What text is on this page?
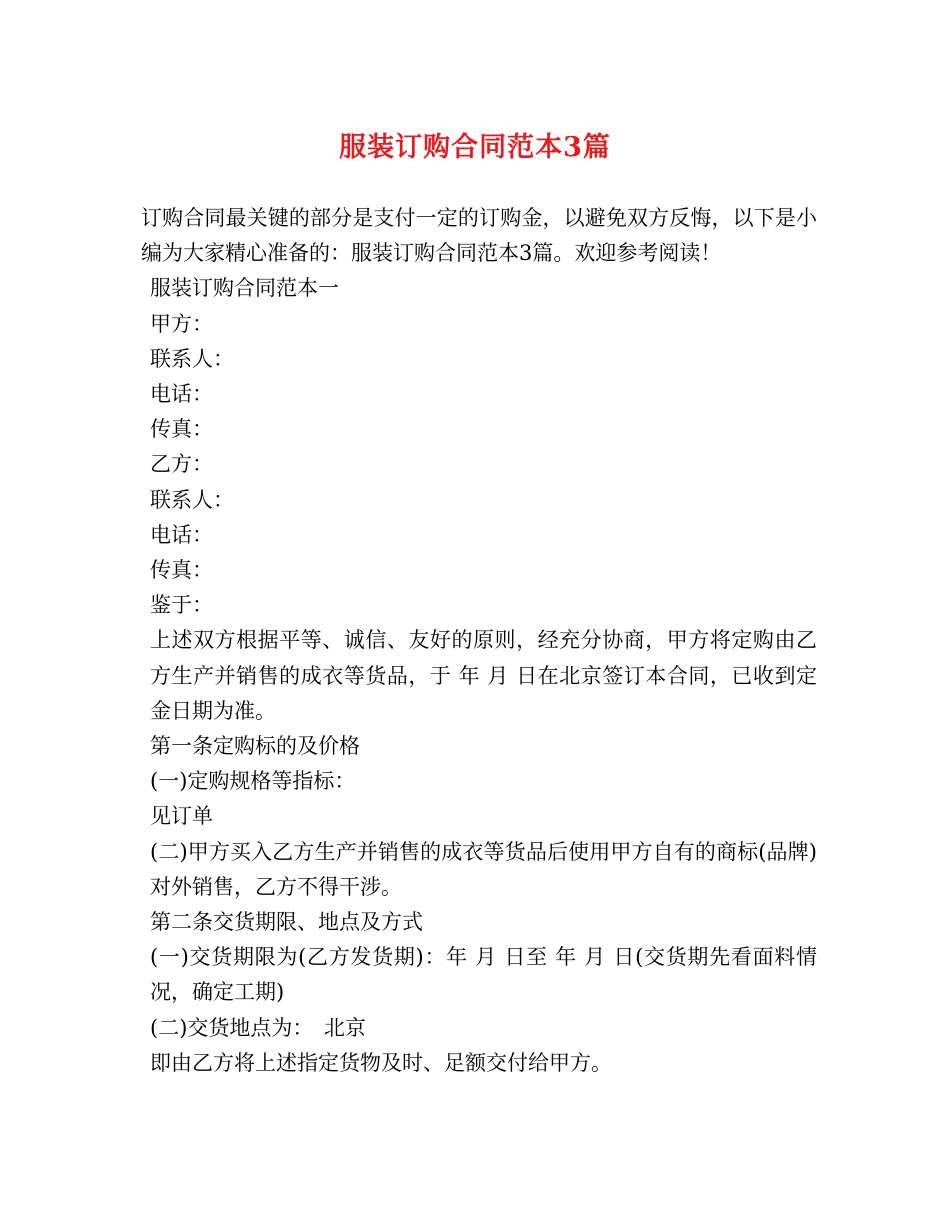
服装订购合同范本3篇

订购合同最关键的部分是支付一定的订购金，以避免双方反悔，以下是小编为大家精心准备的：服装订购合同范本3篇。欢迎参考阅读！

服装订购合同范本一

甲方：

联系人：

电话：

传真：

乙方：

联系人：

电话：

传真：

鉴于：

上述双方根据平等、诚信、友好的原则，经充分协商，甲方将定购由乙方生产并销售的成衣等货品，于 年 月 日在北京签订本合同，已收到定金日期为准。

第一条定购标的及价格

(一)定购规格等指标：

见订单

(二)甲方买入乙方生产并销售的成衣等货品后使用甲方自有的商标(品牌)对外销售，乙方不得干涉。

第二条交货期限、地点及方式

(一)交货期限为(乙方发货期)：年 月 日至 年 月 日(交货期先看面料情况，确定工期)

(二)交货地点为：　北京

即由乙方将上述指定货物及时、足额交付给甲方。
